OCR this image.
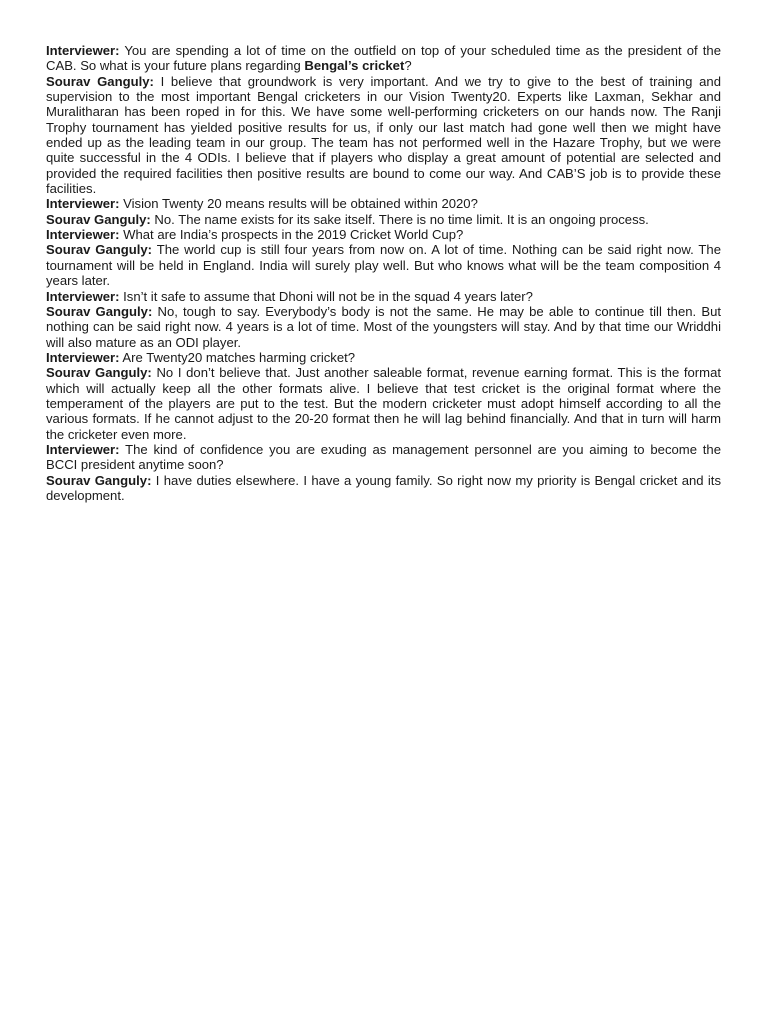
Interviewer: You are spending a lot of time on the outfield on top of your scheduled time as the president of the CAB. So what is your future plans regarding Bengal’s cricket?

Sourav Ganguly: I believe that groundwork is very important. And we try to give to the best of training and supervision to the most important Bengal cricketers in our Vision Twenty20. Experts like Laxman, Sekhar and Muralitharan has been roped in for this. We have some well-performing cricketers on our hands now. The Ranji Trophy tournament has yielded positive results for us, if only our last match had gone well then we might have ended up as the leading team in our group. The team has not performed well in the Hazare Trophy, but we were quite successful in the 4 ODIs. I believe that if players who display a great amount of potential are selected and provided the required facilities then positive results are bound to come our way. And CAB’S job is to provide these facilities.

Interviewer: Vision Twenty 20 means results will be obtained within 2020?

Sourav Ganguly: No. The name exists for its sake itself. There is no time limit. It is an ongoing process.

Interviewer: What are India’s prospects in the 2019 Cricket World Cup?

Sourav Ganguly: The world cup is still four years from now on. A lot of time. Nothing can be said right now. The tournament will be held in England. India will surely play well. But who knows what will be the team composition 4 years later.

Interviewer: Isn’t it safe to assume that Dhoni will not be in the squad 4 years later?

Sourav Ganguly: No, tough to say. Everybody’s body is not the same. He may be able to continue till then. But nothing can be said right now. 4 years is a lot of time. Most of the youngsters will stay. And by that time our Wriddhi will also mature as an ODI player.

Interviewer: Are Twenty20 matches harming cricket?

Sourav Ganguly: No I don’t believe that. Just another saleable format, revenue earning format. This is the format which will actually keep all the other formats alive. I believe that test cricket is the original format where the temperament of the players are put to the test. But the modern cricketer must adopt himself according to all the various formats. If he cannot adjust to the 20-20 format then he will lag behind financially. And that in turn will harm the cricketer even more.

Interviewer: The kind of confidence you are exuding as management personnel are you aiming to become the BCCI president anytime soon?

Sourav Ganguly: I have duties elsewhere. I have a young family. So right now my priority is Bengal cricket and its development.
